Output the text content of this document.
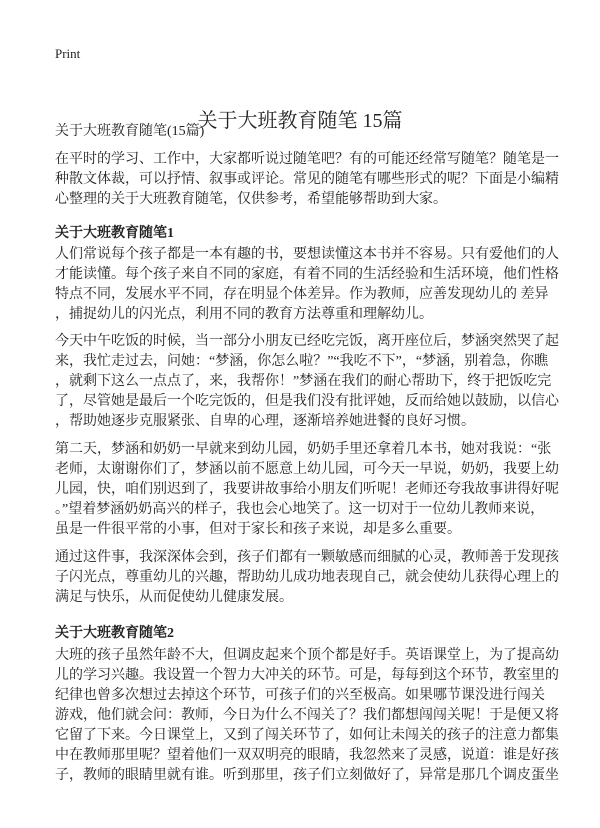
Print
关于大班教育随笔 15篇
关于大班教育随笔(15篇)
在平时的学习、工作中，大家都听说过随笔吧？有的可能还经常写随笔？随笔是一
种散文体裁，可以抒情、叙事或评论。常见的随笔有哪些形式的呢？下面是小编精
心整理的关于大班教育随笔，仅供参考，希望能够帮助到大家。
关于大班教育随笔1
人们常说每个孩子都是一本有趣的书，要想读懂这本书并不容易。只有爱他们的人
才能读懂。每个孩子来自不同的家庭，有着不同的生活经验和生活环境，他们性格
特点不同，发展水平不同，存在明显个体差异。作为教师，应善发现幼儿的 差异
，捕捉幼儿的闪光点，利用不同的教育方法尊重和理解幼儿。
今天中午吃饭的时候，当一部分小朋友已经吃完饭，离开座位后，梦涵突然哭了起
来，我忙走过去，问她：“梦涵，你怎么啦？”“我吃不下”，“梦涵，别着急，你瞧
，就剩下这么一点点了，来，我帮你！”梦涵在我们的耐心帮助下，终于把饭吃完
了，尽管她是最后一个吃完饭的，但是我们没有批评她，反而给她以鼓励，以信心
，帮助她逐步克服紧张、自卑的心理，逐渐培养她进餐的良好习惯。
第二天，梦涵和奶奶一早就来到幼儿园，奶奶手里还拿着几本书，她对我说：“张
老师，太谢谢你们了，梦涵以前不愿意上幼儿园，可今天一早说，奶奶，我要上幼
儿园，快，咱们别迟到了，我要讲故事给小朋友们听呢！老师还夸我故事讲得好呢
。”望着梦涵奶奶高兴的样子，我也会心地笑了。这一切对于一位幼儿教师来说，
虽是一件很平常的小事，但对于家长和孩子来说，却是多么重要。
通过这件事，我深深体会到，孩子们都有一颗敏感而细腻的心灵，教师善于发现孩
子闪光点，尊重幼儿的兴趣，帮助幼儿成功地表现自己，就会使幼儿获得心理上的
满足与快乐，从而促使幼儿健康发展。
关于大班教育随笔2
大班的孩子虽然年龄不大，但调皮起来个顶个都是好手。英语课堂上，为了提高幼
儿的学习兴趣。我设置一个智力大冲关的环节。可是，每每到这个环节，教室里的
纪律也曾多次想过去掉这个环节，可孩子们的兴至极高。如果哪节课没进行闯关
游戏，他们就会问：教师，今日为什么不闯关了？我们都想闯闯关呢！于是便又将
它留了下来。今日课堂上，又到了闯关环节了，如何让未闯关的孩子的注意力都集
中在教师那里呢？望着他们一双双明亮的眼睛，我忽然来了灵感，说道：谁是好孩
子，教师的眼睛里就有谁。听到那里，孩子们立刻做好了，异常是那几个调皮蛋坐
